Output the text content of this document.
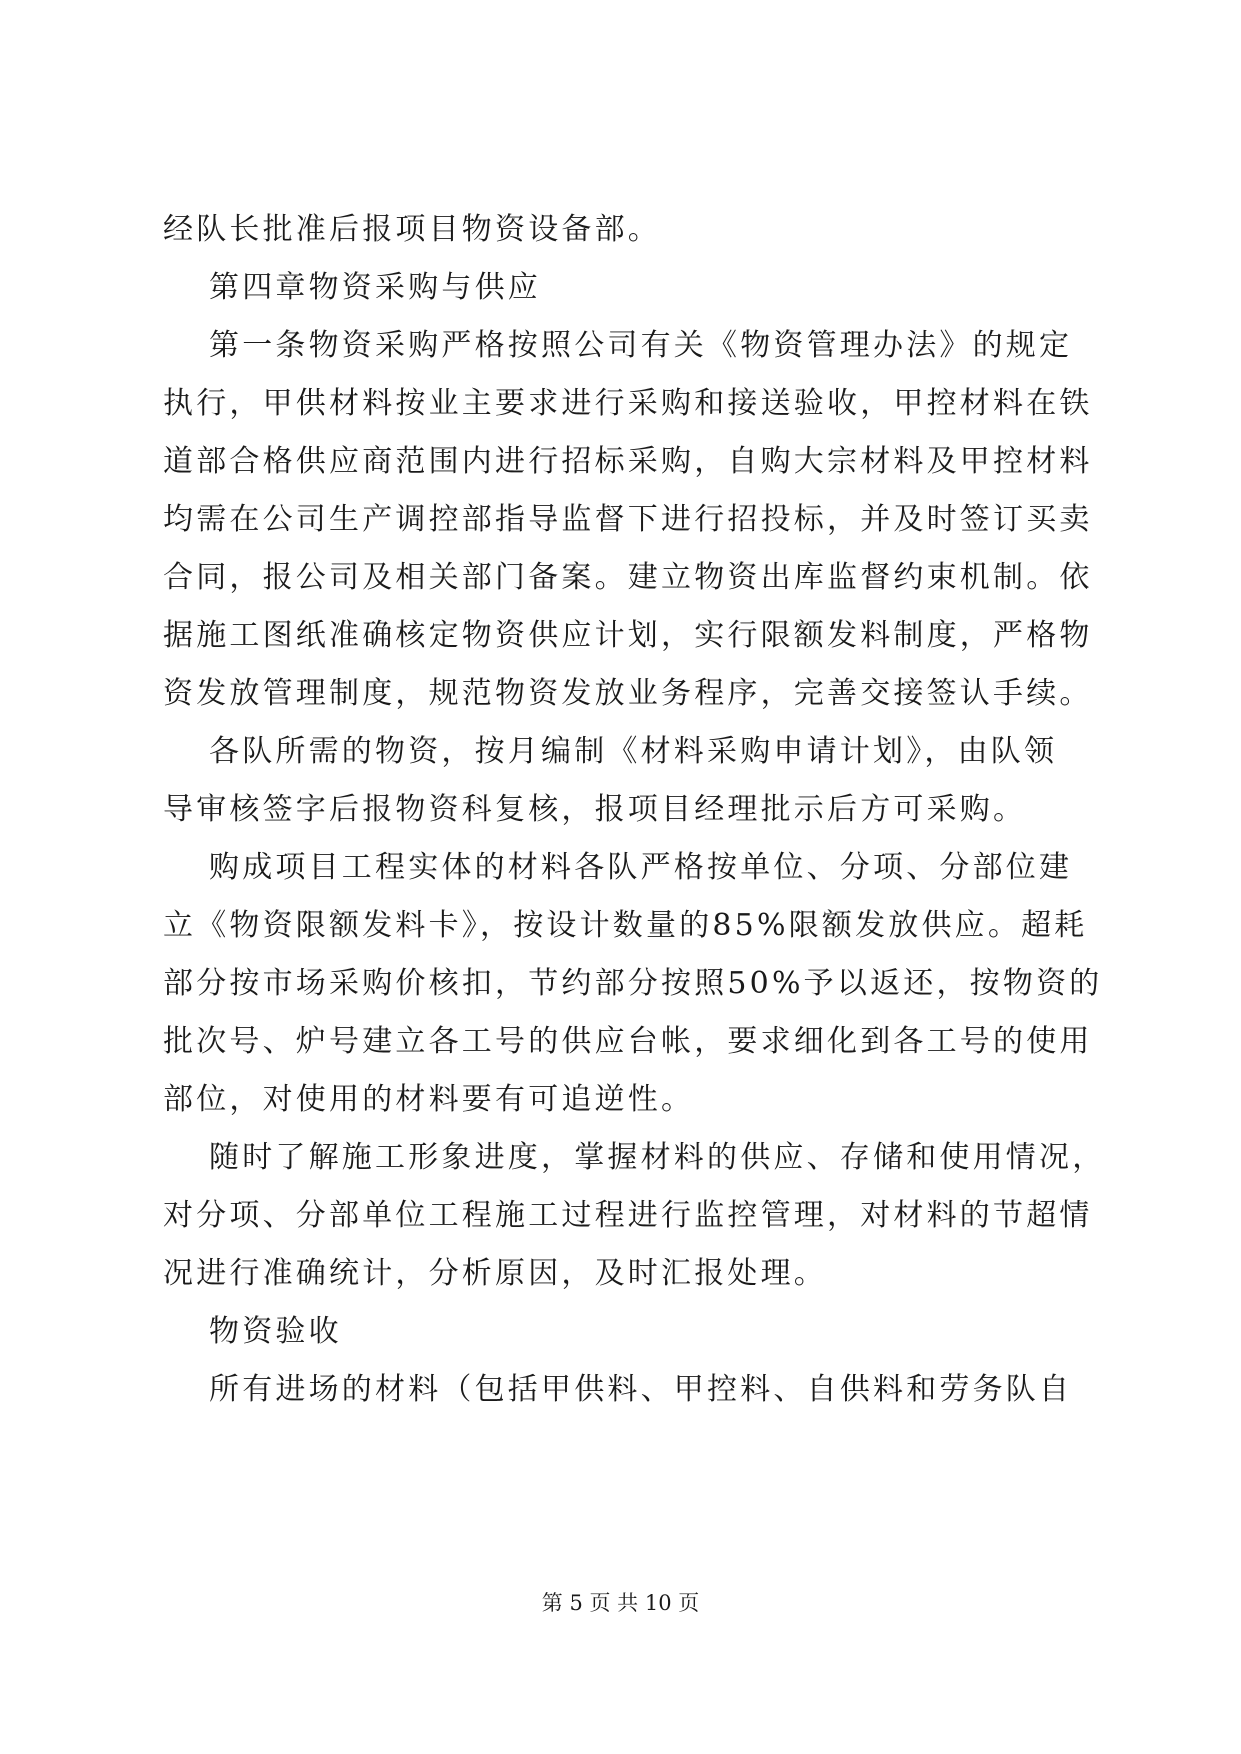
经队长批准后报项目物资设备部。
第四章物资采购与供应
第一条物资采购严格按照公司有关《物资管理办法》的规定
执行，甲供材料按业主要求进行采购和接送验收，甲控材料在铁
道部合格供应商范围内进行招标采购，自购大宗材料及甲控材料
均需在公司生产调控部指导监督下进行招投标，并及时签订买卖
合同，报公司及相关部门备案。建立物资出库监督约束机制。依
据施工图纸准确核定物资供应计划，实行限额发料制度，严格物
资发放管理制度，规范物资发放业务程序，完善交接签认手续。
各队所需的物资，按月编制《材料采购申请计划》，由队领
导审核签字后报物资科复核，报项目经理批示后方可采购。
购成项目工程实体的材料各队严格按单位、分项、分部位建
立《物资限额发料卡》，按设计数量的85%限额发放供应。超耗
部分按市场采购价核扣，节约部分按照50%予以返还，按物资的
批次号、炉号建立各工号的供应台帐，要求细化到各工号的使用
部位，对使用的材料要有可追逆性。
随时了解施工形象进度，掌握材料的供应、存储和使用情况，
对分项、分部单位工程施工过程进行监控管理，对材料的节超情
况进行准确统计，分析原因，及时汇报处理。
物资验收
所有进场的材料（包括甲供料、甲控料、自供料和劳务队自
第 5 页 共 10 页
